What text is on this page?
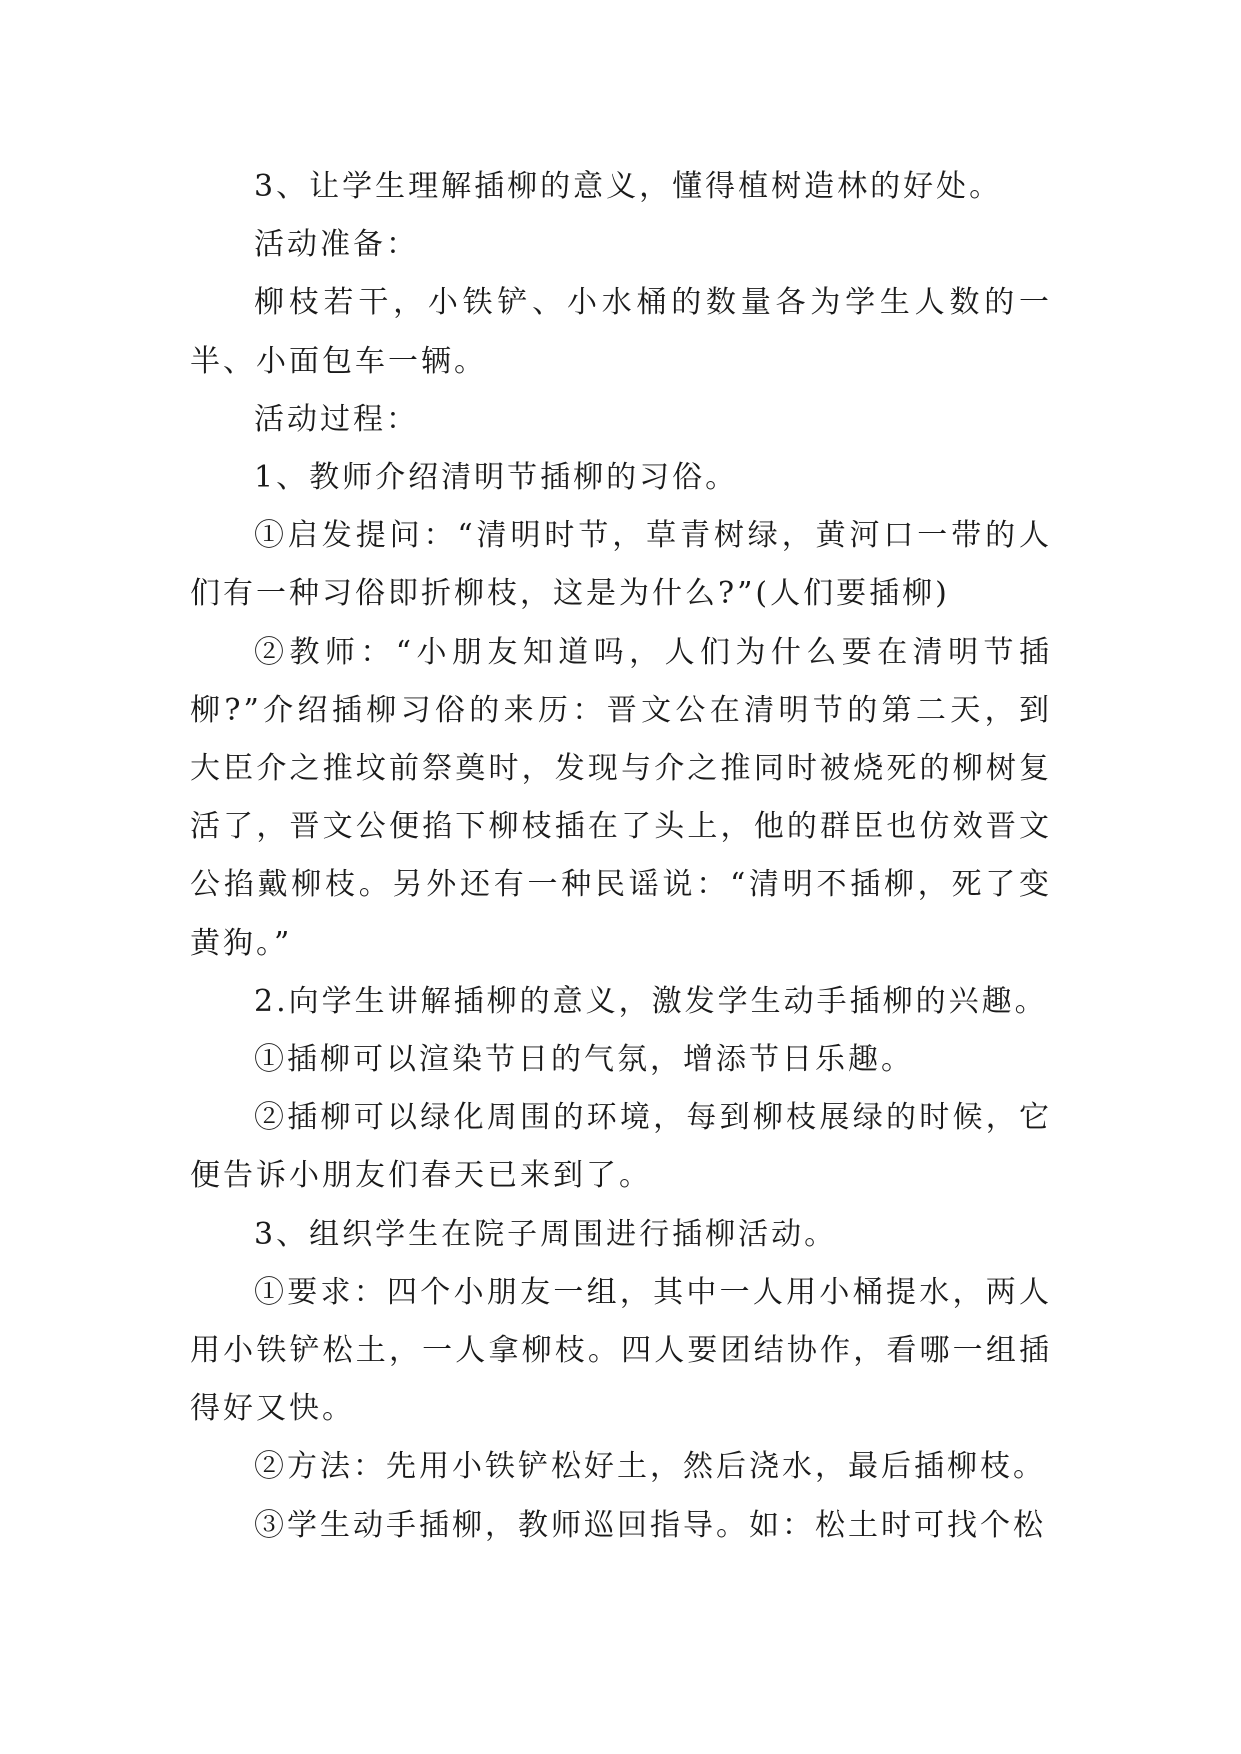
3、让学生理解插柳的意义，懂得植树造林的好处。

活动准备：

柳枝若干，小铁铲、小水桶的数量各为学生人数的一半、小面包车一辆。

活动过程：

1、教师介绍清明节插柳的习俗。

①启发提问：“清明时节，草青树绿，黄河口一带的人们有一种习俗即折柳枝，这是为什么?”(人们要插柳)

②教师：“小朋友知道吗，人们为什么要在清明节插柳?”介绍插柳习俗的来历：晋文公在清明节的第二天，到大臣介之推坟前祭奠时，发现与介之推同时被烧死的柳树复活了，晋文公便掐下柳枝插在了头上，他的群臣也仿效晋文公掐戴柳枝。另外还有一种民谣说：“清明不插柳，死了变黄狗。”

2.向学生讲解插柳的意义，激发学生动手插柳的兴趣。

①插柳可以渲染节日的气氛，增添节日乐趣。

②插柳可以绿化周围的环境，每到柳枝展绿的时候，它便告诉小朋友们春天已来到了。

3、组织学生在院子周围进行插柳活动。

①要求：四个小朋友一组，其中一人用小桶提水，两人用小铁铲松土，一人拿柳枝。四人要团结协作，看哪一组插得好又快。

②方法：先用小铁铲松好土，然后浇水，最后插柳枝。

③学生动手插柳，教师巡回指导。如：松土时可找个松
